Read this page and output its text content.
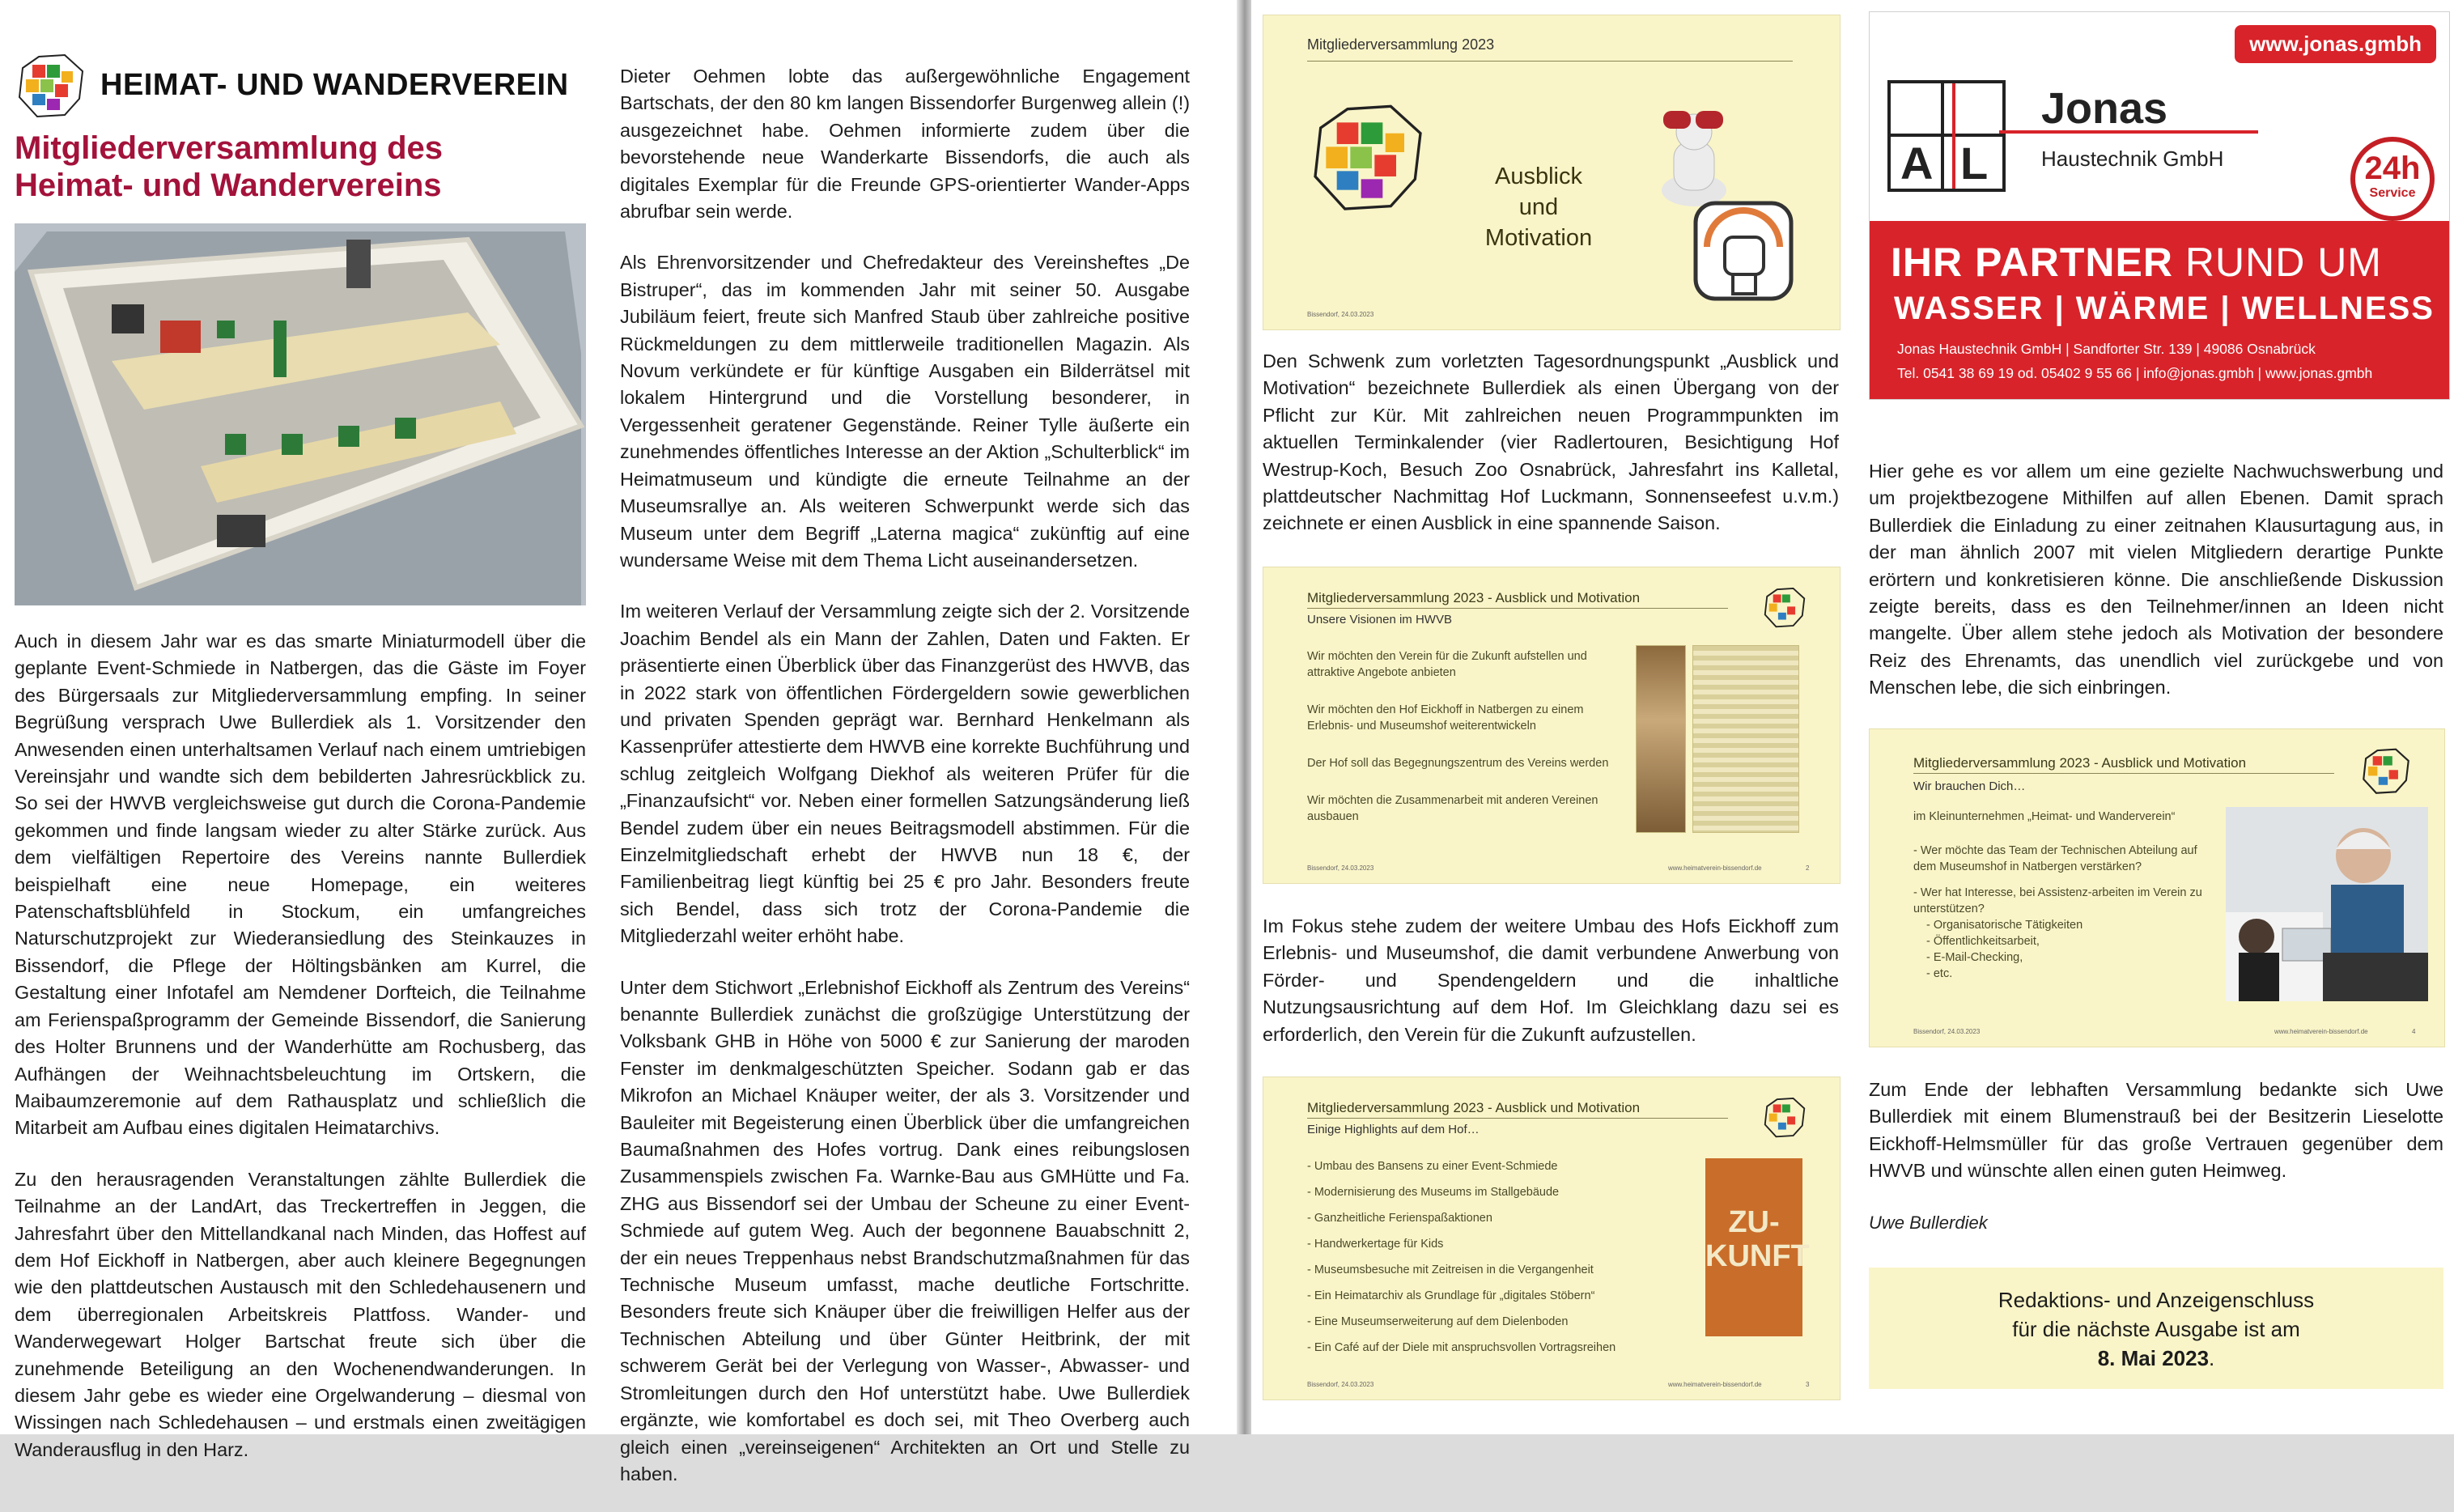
HEIMAT- UND WANDERVEREIN
Mitgliederversammlung des Heimat- und Wandervereins

Auch in diesem Jahr war es das smarte Miniaturmodell über die geplante Event-Schmiede in Natbergen, das die Gäste im Foyer des Bürgersaals zur Mitgliederversammlung empfing. In seiner Begrüßung versprach Uwe Bullerdiek als 1. Vorsitzender den Anwesenden einen unterhaltsamen Verlauf nach einem umtriebigen Vereinsjahr und wandte sich dem bebilderten Jahresrückblick zu. So sei der HWVB vergleichsweise gut durch die Corona-Pandemie gekommen und finde langsam wieder zu alter Stärke zurück. Aus dem vielfältigen Repertoire des Vereins nannte Bullerdiek beispielhaft eine neue Homepage, ein weiteres Patenschaftsblühfeld in Stockum, ein umfangreiches Naturschutzprojekt zur Wiederansiedlung des Steinkauzes in Bissendorf, die Pflege der Höltingsbänken am Kurrel, die Gestaltung einer Infotafel am Nemdener Dorfteich, die Teilnahme am Ferienspaßprogramm der Gemeinde Bissendorf, die Sanierung des Holter Brunnens und der Wanderhütte am Rochusberg, das Aufhängen der Weihnachtsbeleuchtung im Ortskern, die Maibaumzeremonie auf dem Rathausplatz und schließlich die Mitarbeit am Aufbau eines digitalen Heimatarchivs.

Zu den herausragenden Veranstaltungen zählte Bullerdiek die Teilnahme an der LandArt, das Treckertreffen in Jeggen, die Jahresfahrt über den Mittellandkanal nach Minden, das Hoffest auf dem Hof Eickhoff in Natbergen, aber auch kleinere Begegnungen wie den plattdeutschen Austausch mit den Schledehausenern und dem überregionalen Arbeitskreis Plattfoss. Wander- und Wanderwegewart Holger Bartschat freute sich über die zunehmende Beteiligung an den Wochenendwanderungen. In diesem Jahr gebe es wieder eine Orgelwanderung – diesmal von Wissingen nach Schledehausen – und erstmals einen zweitägigen Wanderausflug in den Harz.

Dieter Oehmen lobte das außergewöhnliche Engagement Bartschats, der den 80 km langen Bissendorfer Burgenweg allein (!) ausgezeichnet habe. Oehmen informierte zudem über die bevorstehende neue Wanderkarte Bissendorfs, die auch als digitales Exemplar für die Freunde GPS-orientierter Wander-Apps abrufbar sein werde.

Als Ehrenvorsitzender und Chefredakteur des Vereinsheftes „De Bistruper“, das im kommenden Jahr mit seiner 50. Ausgabe Jubiläum feiert, freute sich Manfred Staub über zahlreiche positive Rückmeldungen zu dem mittlerweile traditionellen Magazin. Als Novum verkündete er für künftige Ausgaben ein Bilderrätsel mit lokalem Hintergrund und die Vorstellung besonderer, in Vergessenheit geratener Gegenstände. Reiner Tylle äußerte ein zunehmendes öffentliches Interesse an der Aktion „Schulterblick“ im Heimatmuseum und kündigte die erneute Teilnahme an der Museumsrallye an. Als weiteren Schwerpunkt werde sich das Museum unter dem Begriff „Laterna magica“ zukünftig auf eine wundersame Weise mit dem Thema Licht auseinandersetzen.

Im weiteren Verlauf der Versammlung zeigte sich der 2. Vorsitzende Joachim Bendel als ein Mann der Zahlen, Daten und Fakten. Er präsentierte einen Überblick über das Finanzgerüst des HWVB, das in 2022 stark von öffentlichen Fördergeldern sowie gewerblichen und privaten Spenden geprägt war. Bernhard Henkelmann als Kassenprüfer attestierte dem HWVB eine korrekte Buchführung und schlug zeitgleich Wolfgang Diekhof als weiteren Prüfer für die „Finanzaufsicht“ vor. Neben einer formellen Satzungsänderung ließ Bendel zudem über ein neues Beitragsmodell abstimmen. Für die Einzelmitgliedschaft erhebt der HWVB nun 18 €, der Familienbeitrag liegt künftig bei 25 € pro Jahr. Besonders freute sich Bendel, dass sich trotz der Corona-Pandemie die Mitgliederzahl weiter erhöht habe.

Unter dem Stichwort „Erlebnishof Eickhoff als Zentrum des Vereins“ benannte Bullerdiek zunächst die großzügige Unterstützung der Volksbank GHB in Höhe von 5000 € zur Sanierung der maroden Fenster im denkmalgeschützten Speicher. Sodann gab er das Mikrofon an Michael Knäuper weiter, der als 3. Vorsitzender und Bauleiter mit Begeisterung einen Überblick über die umfangreichen Baumaßnahmen des Hofes vortrug. Dank eines reibungslosen Zusammenspiels zwischen Fa. Warnke-Bau aus GMHütte und Fa. ZHG aus Bissendorf sei der Umbau der Scheune zu einer Event-Schmiede auf gutem Weg. Auch der begonnene Bauabschnitt 2, der ein neues Treppenhaus nebst Brandschutzmaßnahmen für das Technische Museum umfasst, mache deutliche Fortschritte. Besonders freute sich Knäuper über die freiwilligen Helfer aus der Technischen Abteilung und über Günter Heitbrink, der mit schwerem Gerät bei der Verlegung von Wasser-, Abwasser- und Stromleitungen durch den Hof unterstützt habe. Uwe Bullerdiek ergänzte, wie komfortabel es doch sei, mit Theo Overberg auch gleich einen „vereinseigenen“ Architekten an Ort und Stelle zu haben.

Mitgliederversammlung 2023
Ausblick
und
Motivation
Bissendorf, 24.03.2023

Den Schwenk zum vorletzten Tagesordnungspunkt „Ausblick und Motivation“ bezeichnete Bullerdiek als einen Übergang von der Pflicht zur Kür. Mit zahlreichen neuen Programmpunkten im aktuellen Terminkalender (vier Radlertouren, Besichtigung Hof Westrup-Koch, Besuch Zoo Osnabrück, Jahresfahrt ins Kalletal, plattdeutscher Nachmittag Hof Luckmann, Sonnenseefest u.v.m.) zeichnete er einen Ausblick in eine spannende Saison.

Mitgliederversammlung 2023 - Ausblick und Motivation
Unsere Visionen im HWVB
Wir möchten den Verein für die Zukunft aufstellen und attraktive Angebote anbieten
Wir möchten den Hof Eickhoff in Natbergen zu einem Erlebnis- und Museumshof weiterentwickeln
Der Hof soll das Begegnungszentrum des Vereins werden
Wir möchten die Zusammenarbeit mit anderen Vereinen ausbauen
Bissendorf, 24.03.2023	www.heimatverein-bissendorf.de	2

Im Fokus stehe zudem der weitere Umbau des Hofs Eickhoff zum Erlebnis- und Museumshof, die damit verbundene Anwerbung von Förder- und Spendengeldern und die inhaltliche Nutzungsausrichtung auf dem Hof. Im Gleichklang dazu sei es erforderlich, den Verein für die Zukunft aufzustellen.

Mitgliederversammlung 2023 - Ausblick und Motivation
Einige Highlights auf dem Hof…
- Umbau des Bansens zu einer Event-Schmiede
- Modernisierung des Museums im Stallgebäude
- Ganzheitliche Ferienspaßaktionen
- Handwerkertage für Kids
- Museumsbesuche mit Zeitreisen in die Vergangenheit
- Ein Heimatarchiv als Grundlage für „digitales Stöbern“
- Eine Museumserweiterung auf dem Dielenboden
- Ein Café auf der Diele mit anspruchsvollen Vortragsreihen
ZU-
KUNFT
Bissendorf, 24.03.2023	www.heimatverein-bissendorf.de	3
www.jonas.gmbh
A L
Jonas
Haustechnik GmbH	24h
Service
IHR PARTNER RUND UM
WASSER | WÄRME | WELLNESS
Jonas Haustechnik GmbH | Sandforter Str. 139 | 49086 Osnabrück
Tel. 0541 38 69 19 od. 05402 9 55 66 | info@jonas.gmbh | www.jonas.gmbh

Hier gehe es vor allem um eine gezielte Nachwuchswerbung und um projektbezogene Mithilfen auf allen Ebenen. Damit sprach Bullerdiek die Einladung zu einer zeitnahen Klausurtagung aus, in der man ähnlich 2007 mit vielen Mitgliedern derartige Punkte erörtern und konkretisieren könne. Die anschließende Diskussion zeigte bereits, dass es den Teilnehmer/innen an Ideen nicht mangelte. Über allem stehe jedoch als Motivation der besondere Reiz des Ehrenamts, das unendlich viel zurückgebe und von Menschen lebe, die sich einbringen.

Mitgliederversammlung 2023 - Ausblick und Motivation
Wir brauchen Dich…
im Kleinunternehmen „Heimat- und Wanderverein“
- Wer möchte das Team der Technischen Abteilung auf dem Museumshof in Natbergen verstärken?
- Wer hat Interesse, bei Assistenz-arbeiten im Verein zu unterstützen?
- Organisatorische Tätigkeiten
- Öffentlichkeitsarbeit,
- E-Mail-Checking,
- etc.
Bissendorf, 24.03.2023	www.heimatverein-bissendorf.de	4

Zum Ende der lebhaften Versammlung bedankte sich Uwe Bullerdiek mit einem Blumenstrauß bei der Besitzerin Lieselotte Eickhoff-Helmsmüller für das große Vertrauen gegenüber dem HWVB und wünschte allen einen guten Heimweg.

Uwe Bullerdiek
Redaktions- und Anzeigenschluss
für die nächste Ausgabe ist am
8. Mai 2023.
